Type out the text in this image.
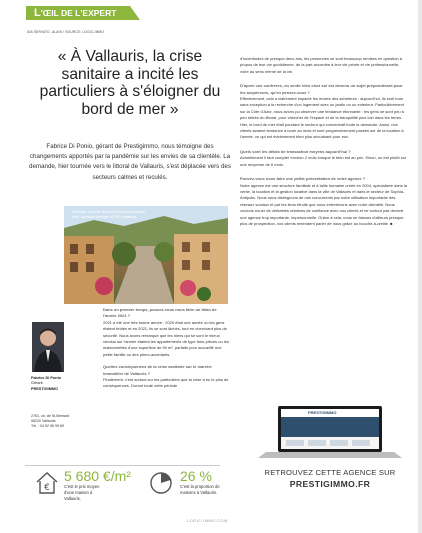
L'ŒIL DE L'EXPERT
IDA SERVATO, ALAIN / SOURCE: LOGIC-IMMO
« À Vallauris, la crise sanitaire a incité les particuliers à s'éloigner du bord de mer »
Fabrice Di Ponio, gérant de Prestigimmo, nous témoigne des changements apportés par la pandémie sur les envies de sa clientèle. La demande, hier tournée vers le littoral de Vallauris, s'est déplacée vers des secteurs calmes et reculés.
Vallauris, une ville reconnue pour son présent d'art, accueille quelque 30 000 habitants.
Fabrice Di Ponio
Gérant
PRESTIGIMMO
2761, ch. de St-Bernard
06220 Vallauris
Tél. : 04 92 96 99 69
Dans un premier temps, pouvez-vous nous faire un bilan de l'année 2021 ?
2021 a été une très bonne année : 2020 était une année où les gens étaient bridés et en 2021, ils se sont lâchés, tout en cherchant plus de sécurité. Nous avons remarqué que les biens qui se sont le mieux vendus sur l'année étaient les appartements de type trois-pièces ou les maisonnettes d'une superficie de 90 m², parfaits pour accueillir une petite famille ou des primo-accédants.
Quelles conséquences de la crise sanitaire sur le marché immobilier de Vallauris ?
Finalement, c'est surtout sur les particuliers que la crise a eu le plus de conséquences. Durant toute cette période
d'incertitudes de presque deux ans, les personnes se sont beaucoup remises en question à propos de leur vie quotidienne, de la part accordée à leur vie privée et vie professionnelle, voire au sens même de la vie.
D'après vos confrères, on sentir bien chez soi est devenu un sujet prépondérant pour les acquéreurs, qu'en pensez-vous ?
Effectivement, cela a clairement impacté les envies des acheteurs : aujourd'hui, ils sont tous sans exception à la recherche d'un logement avec un jardin ou un extérieur. Particulièrement sur la Côte d'Azur, nous avons pu observer une tendance étonnante : les gens se sont peu à peu retirés du littoral, pour chercher de l'espace et de la tranquillité plus loin dans les terres. Hier, le bord de mer était pourtant le secteur qui concentrait toute la demande. Aussi, nos clients avaient tendance à louer au mois et sont progressivement passés sur de la location à l'année, ce qui est évidemment bien plus sécurisant pour eux.
Quels sont les délais de transaction moyens aujourd'hui ?
Actuellement il faut compter environ 2 mois lorsque le bien est au prix. Sinon, on est plutôt sur une moyenne de 6 mois.
Pouvez-vous nous faire une petite présentation de votre agence ?
Notre agence est une structure familiale et à taille humaine créée en 2004, spécialisée dans la vente, la location et la gestion locative dans la ville de Vallauris et dans le secteur de Sophia-Antipolis. Nous nous distinguons de nos concurrents par notre utilisation importante des réseaux sociaux et par les liens étroits que nous entretenons avec notre clientèle. Nous voulons nouer de véritables relations de confiance avec nos clients et ne surtout pas devenir une agence trop importante, impersonnelle. Grâce à cela, nous ne faisons d'ailleurs presque plus de prospection, nos clients entendent parler de nous grâce au bouche-à-oreille. ■
PRESTIGIMMO
RETROUVEZ CETTE AGENCE SUR
PRESTIGIMMO.FR
€
5 680 €/m²
C'est le prix moyen d'une maison à Vallauris.
26 %
C'est la proportion de maisons à Vallauris.
LOGIC-IMMO.COM
